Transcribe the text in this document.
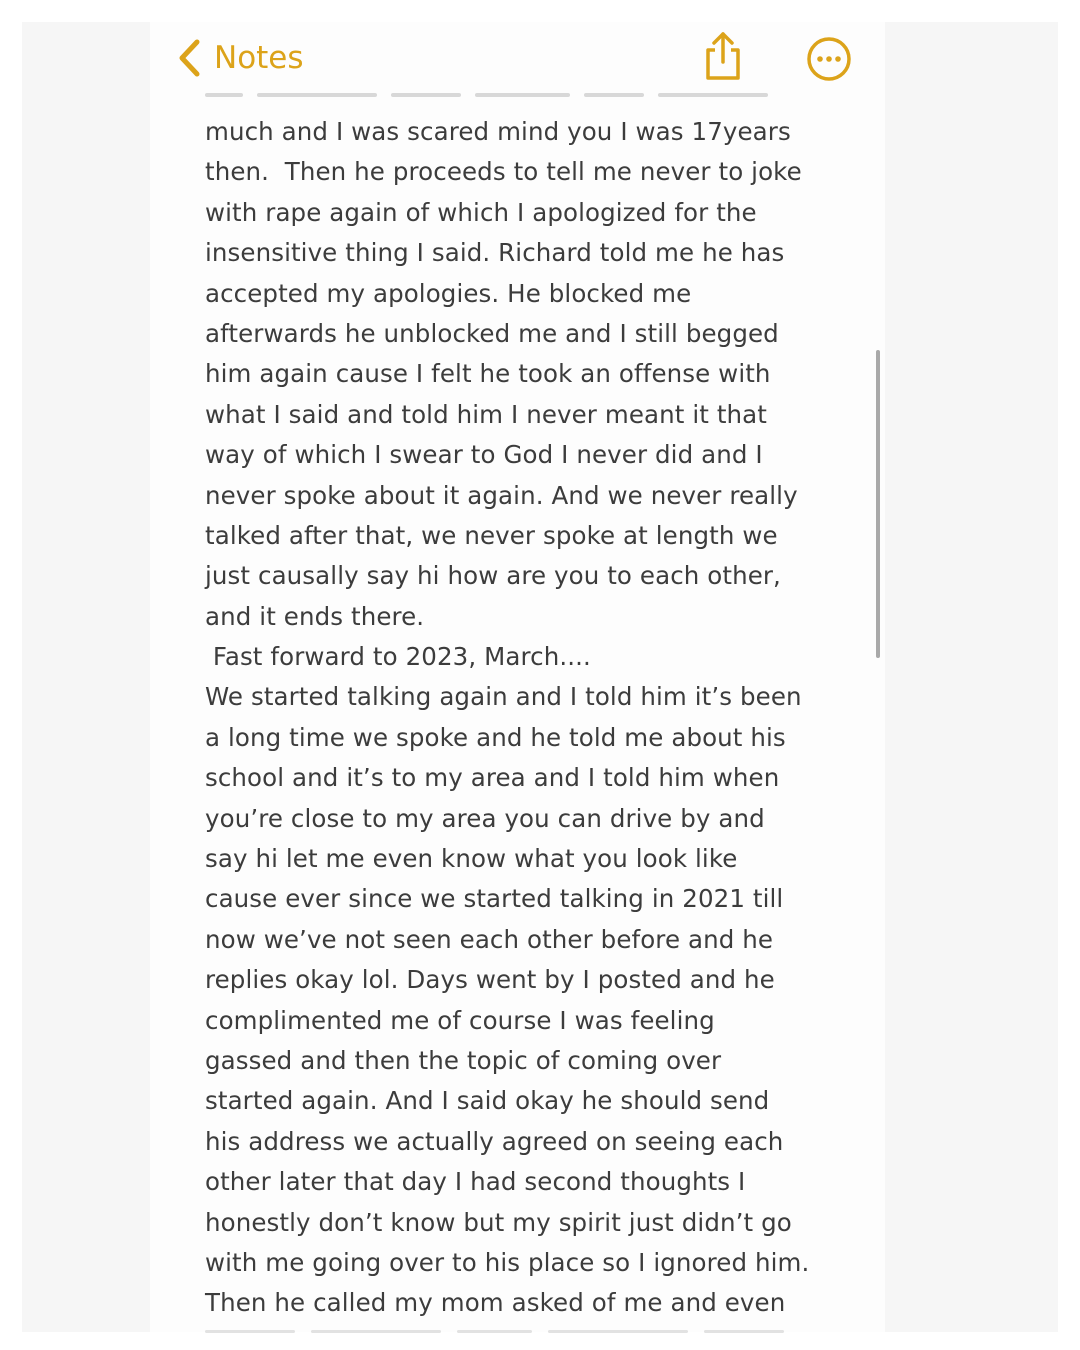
Notes
much and I was scared mind you I was 17years
then.  Then he proceeds to tell me never to joke
with rape again of which I apologized for the
insensitive thing I said. Richard told me he has
accepted my apologies. He blocked me
afterwards he unblocked me and I still begged
him again cause I felt he took an offense with
what I said and told him I never meant it that
way of which I swear to God I never did and I
never spoke about it again. And we never really
talked after that, we never spoke at length we
just causally say hi how are you to each other,
and it ends there.
Fast forward to 2023, March....
We started talking again and I told him it’s been
a long time we spoke and he told me about his
school and it’s to my area and I told him when
you’re close to my area you can drive by and
say hi let me even know what you look like
cause ever since we started talking in 2021 till
now we’ve not seen each other before and he
replies okay lol. Days went by I posted and he
complimented me of course I was feeling
gassed and then the topic of coming over
started again. And I said okay he should send
his address we actually agreed on seeing each
other later that day I had second thoughts I
honestly don’t know but my spirit just didn’t go
with me going over to his place so I ignored him.
Then he called my mom asked of me and even
